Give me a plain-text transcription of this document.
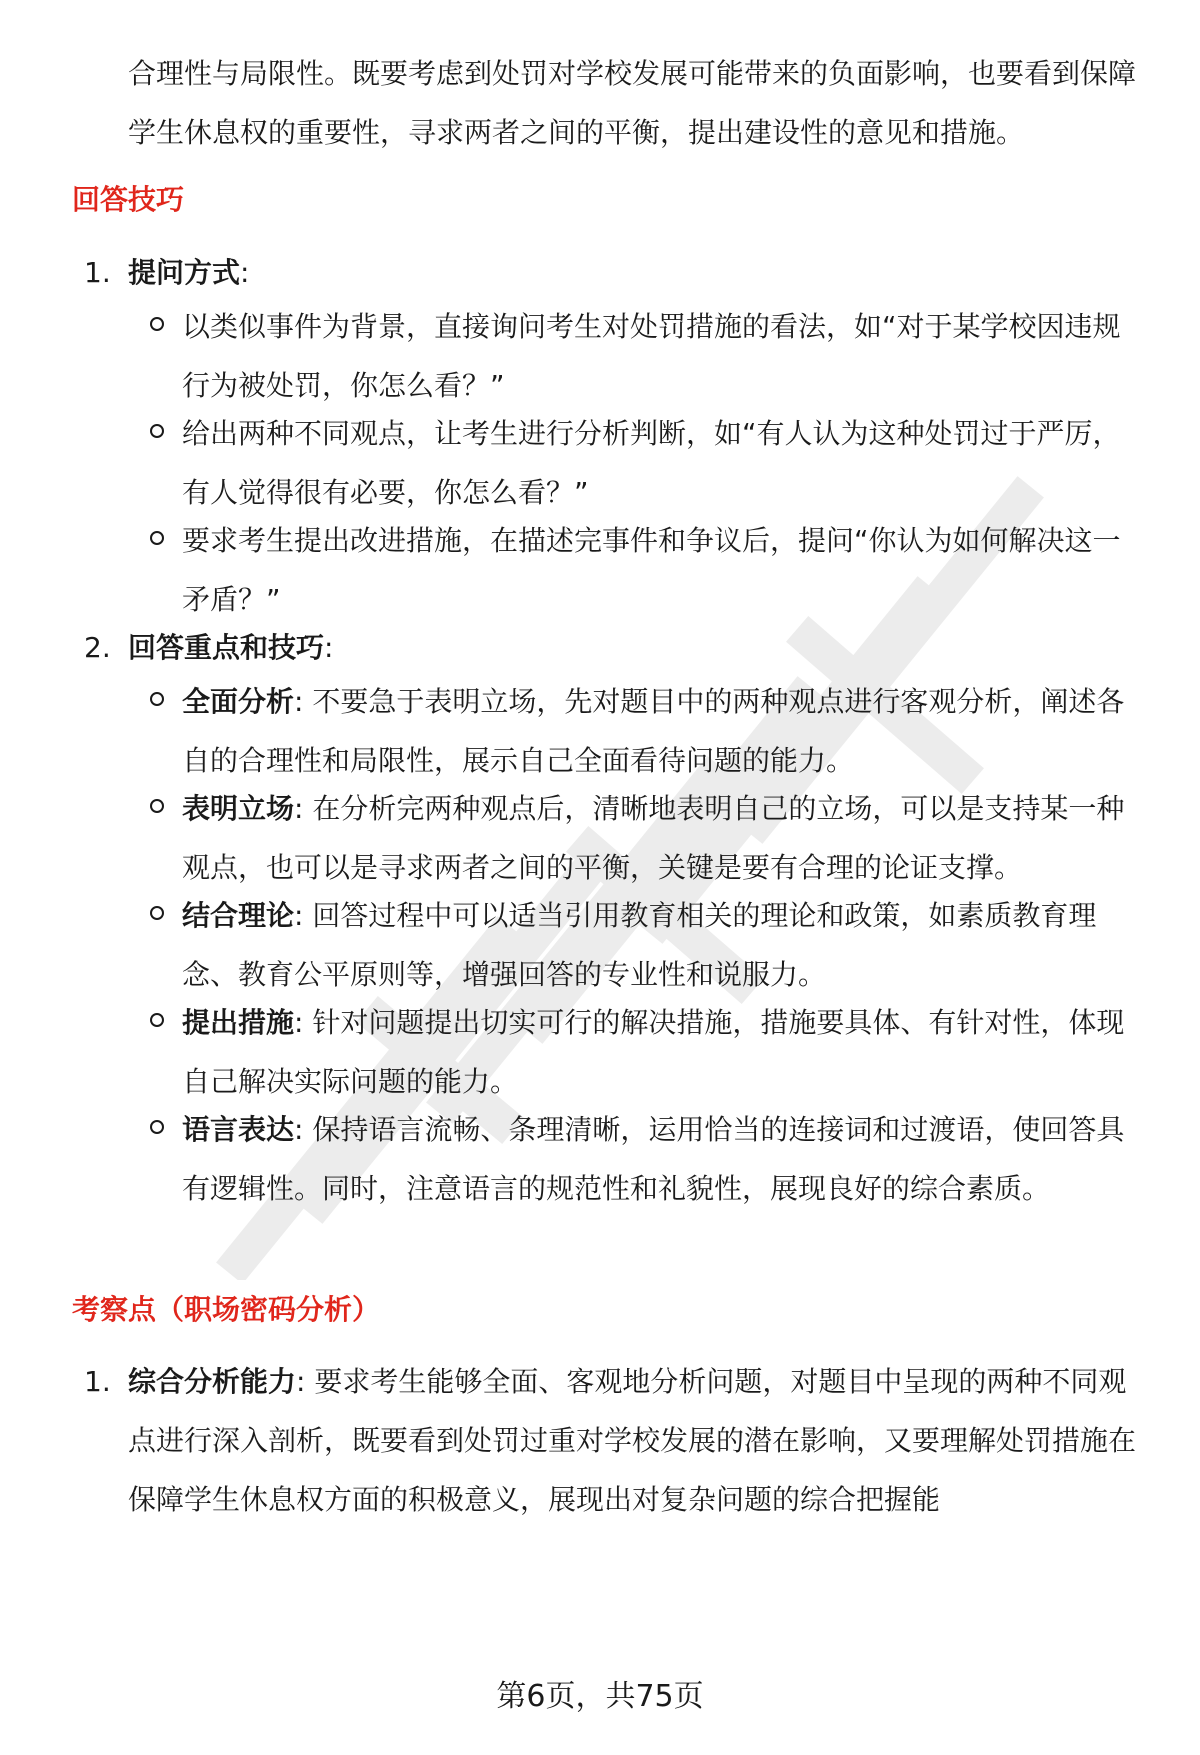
合理性与局限性。既要考虑到处罚对学校发展可能带来的负面影响，也要看到保障学生休息权的重要性，寻求两者之间的平衡，提出建设性的意见和措施。

回答技巧
1. 提问方式:

以类似事件为背景，直接询问考生对处罚措施的看法，如“对于某学校因违规行为被处罚，你怎么看？”

给出两种不同观点，让考生进行分析判断，如“有人认为这种处罚过于严厉，有人觉得很有必要，你怎么看？”

要求考生提出改进措施，在描述完事件和争议后，提问“你认为如何解决这一矛盾？”

2. 回答重点和技巧:

全面分析: 不要急于表明立场，先对题目中的两种观点进行客观分析，阐述各自的合理性和局限性，展示自己全面看待问题的能力。

表明立场: 在分析完两种观点后，清晰地表明自己的立场，可以是支持某一种观点，也可以是寻求两者之间的平衡，关键是要有合理的论证支撑。

结合理论: 回答过程中可以适当引用教育相关的理论和政策，如素质教育理念、教育公平原则等，增强回答的专业性和说服力。

提出措施: 针对问题提出切实可行的解决措施，措施要具体、有针对性，体现自己解决实际问题的能力。

语言表达: 保持语言流畅、条理清晰，运用恰当的连接词和过渡语，使回答具有逻辑性。同时，注意语言的规范性和礼貌性，展现良好的综合素质。

考察点（职场密码分析）
1. 综合分析能力: 要求考生能够全面、客观地分析问题，对题目中呈现的两种不同观点进行深入剖析，既要看到处罚过重对学校发展的潜在影响，又要理解处罚措施在保障学生休息权方面的积极意义，展现出对复杂问题的综合把握能

第6页，共75页
